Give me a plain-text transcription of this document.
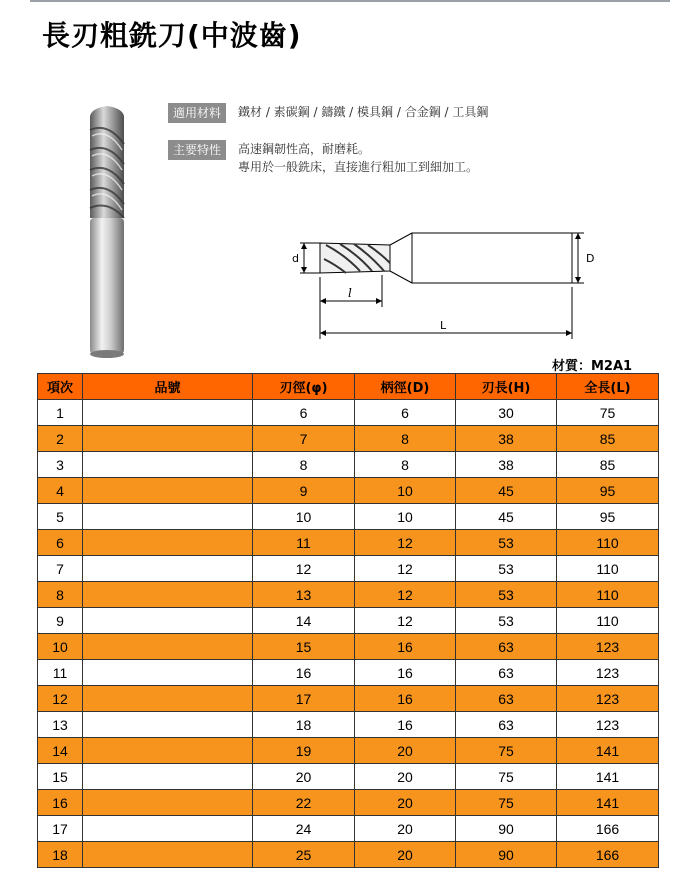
長刃粗銑刀(中波齒)
適用材料	鐵材 / 素碳鋼 / 鑄鐵 / 模具鋼 / 合金鋼 / 工具鋼
主要特性	高速鋼韌性高，耐磨耗。
專用於一般銑床，直接進行粗加工到細加工。
d	D
l
L
材質：M2A1
項次	品號	刃徑(φ)	柄徑(D)	刃長(H)	全長(L)
1		6	6	30	75
2		7	8	38	85
3		8	8	38	85
4		9	10	45	95
5		10	10	45	95
6		11	12	53	110
7		12	12	53	110
8		13	12	53	110
9		14	12	53	110
10		15	16	63	123
11		16	16	63	123
12		17	16	63	123
13		18	16	63	123
14		19	20	75	141
15		20	20	75	141
16		22	20	75	141
17		24	20	90	166
18		25	20	90	166
